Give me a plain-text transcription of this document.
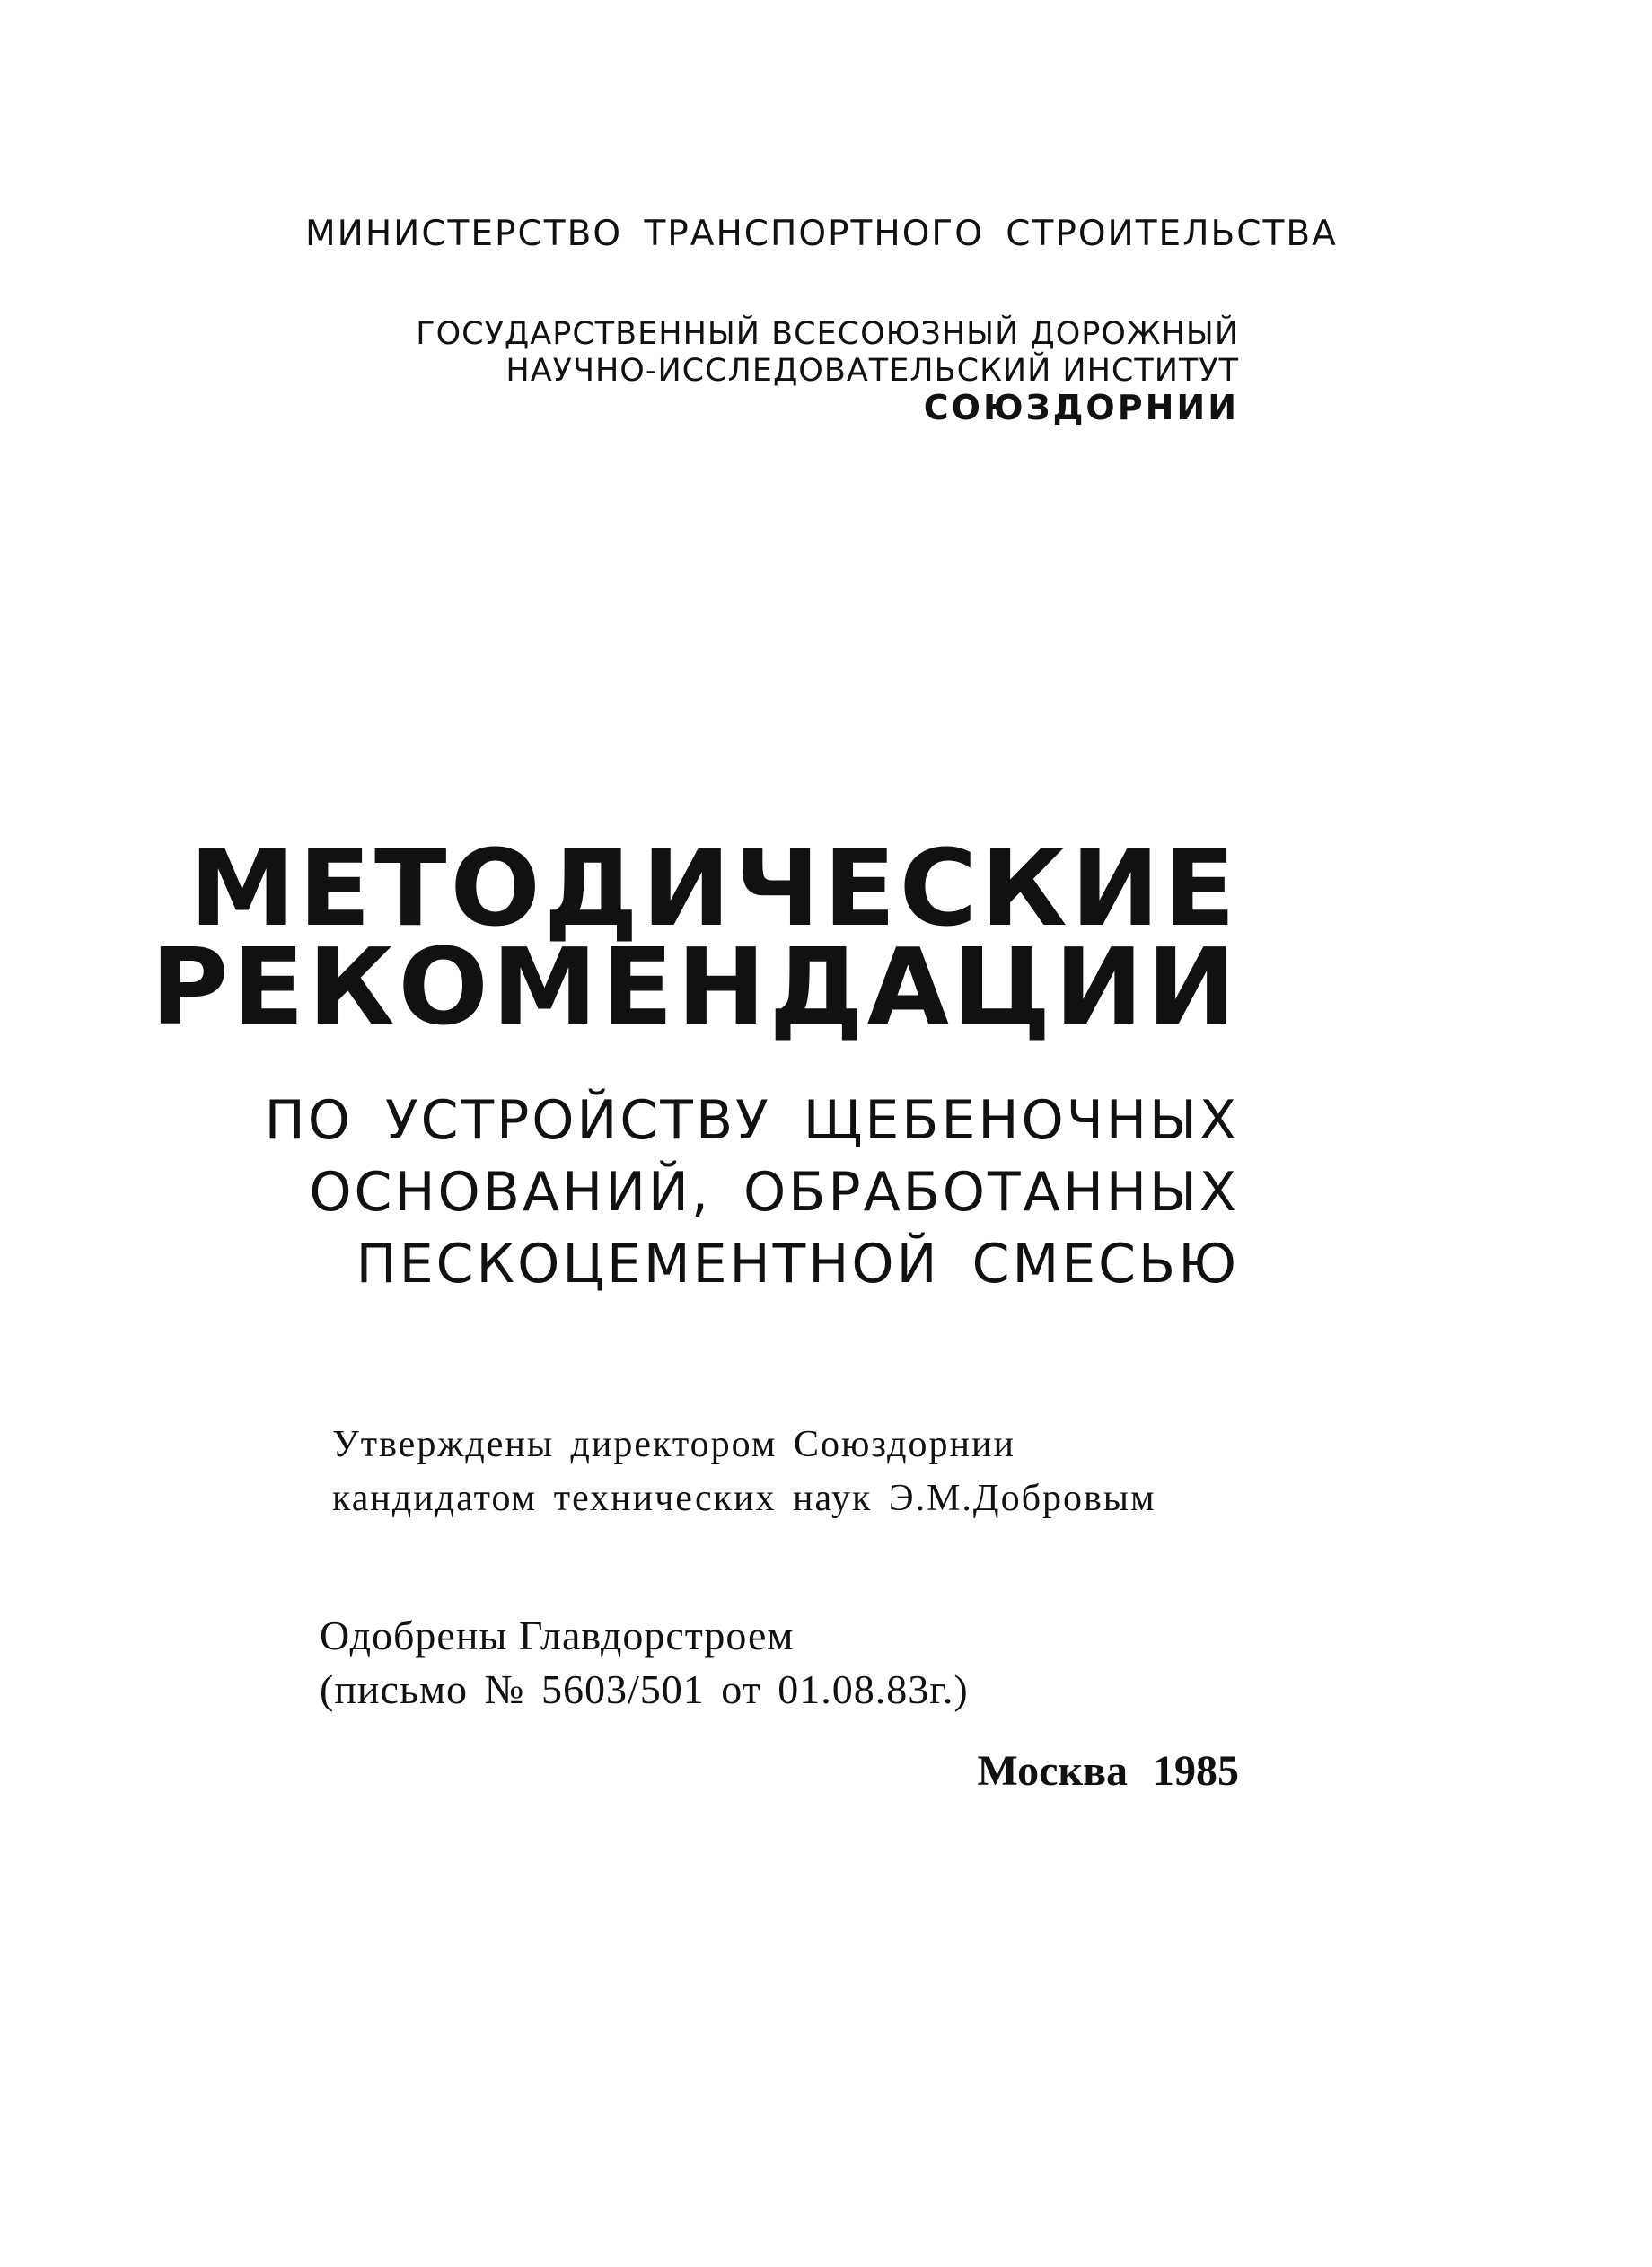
МИНИСТЕРСТВО ТРАНСПОРТНОГО СТРОИТЕЛЬСТВА

ГОСУДАРСТВЕННЫЙ ВСЕСОЮЗНЫЙ ДОРОЖНЫЙ

НАУЧНО-ИССЛЕДОВАТЕЛЬСКИЙ ИНСТИТУТ

СОЮЗДОРНИИ

МЕТОДИЧЕСКИЕ
РЕКОМЕНДАЦИИ

ПО УСТРОЙСТВУ ЩЕБЕНОЧНЫХ

ОСНОВАНИЙ, ОБРАБОТАННЫХ

ПЕСКОЦЕМЕНТНОЙ СМЕСЬЮ

Утверждены директором Союздорнии

кандидатом технических наук Э.М.Добровым

Одобрены Главдорстроем

(письмо № 5603/501 от 01.08.83г.)

Москва 1985
